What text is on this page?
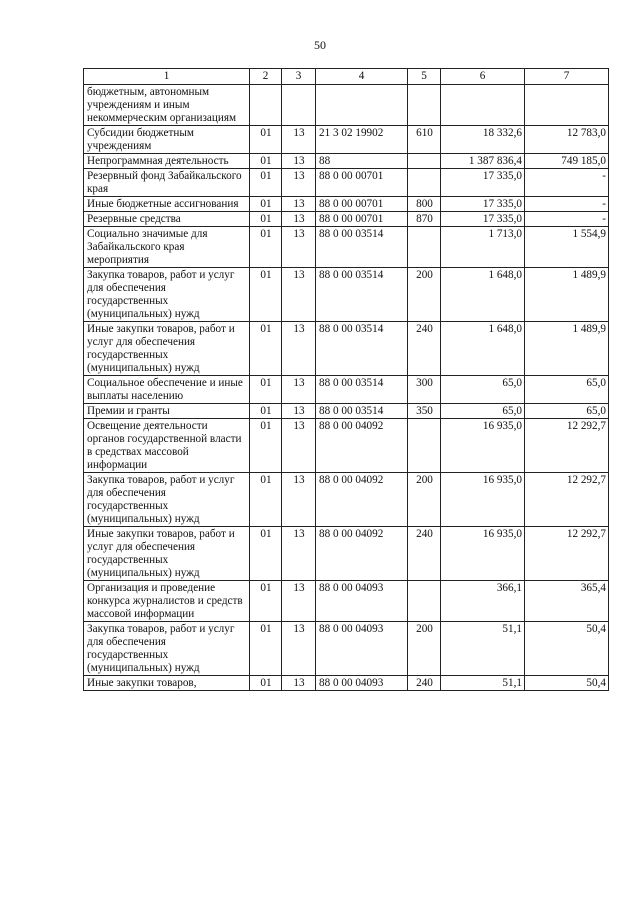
50
1	2	3	4	5	6	7
бюджетным, автономным учреждениям и иным некоммерческим организациям						
Субсидии бюджетным учреждениям	01	13	21 3 02 19902	610	18 332,6	12 783,0
Непрограммная деятельность	01	13	88		1 387 836,4	749 185,0
Резервный фонд Забайкальского края	01	13	88 0 00 00701		17 335,0	-
Иные бюджетные ассигнования	01	13	88 0 00 00701	800	17 335,0	-
Резервные средства	01	13	88 0 00 00701	870	17 335,0	-
Социально значимые для Забайкальского края мероприятия	01	13	88 0 00 03514		1 713,0	1 554,9
Закупка товаров, работ и услуг для обеспечения государственных (муниципальных) нужд	01	13	88 0 00 03514	200	1 648,0	1 489,9
Иные закупки товаров, работ и услуг для обеспечения государственных (муниципальных) нужд	01	13	88 0 00 03514	240	1 648,0	1 489,9
Социальное обеспечение и иные выплаты населению	01	13	88 0 00 03514	300	65,0	65,0
Премии и гранты	01	13	88 0 00 03514	350	65,0	65,0
Освещение деятельности органов государственной власти в средствах массовой информации	01	13	88 0 00 04092		16 935,0	12 292,7
Закупка товаров, работ и услуг для обеспечения государственных (муниципальных) нужд	01	13	88 0 00 04092	200	16 935,0	12 292,7
Иные закупки товаров, работ и услуг для обеспечения государственных (муниципальных) нужд	01	13	88 0 00 04092	240	16 935,0	12 292,7
Организация и проведение конкурса журналистов и средств массовой информации	01	13	88 0 00 04093		366,1	365,4
Закупка товаров, работ и услуг для обеспечения государственных (муниципальных) нужд	01	13	88 0 00 04093	200	51,1	50,4
Иные закупки товаров,	01	13	88 0 00 04093	240	51,1	50,4
